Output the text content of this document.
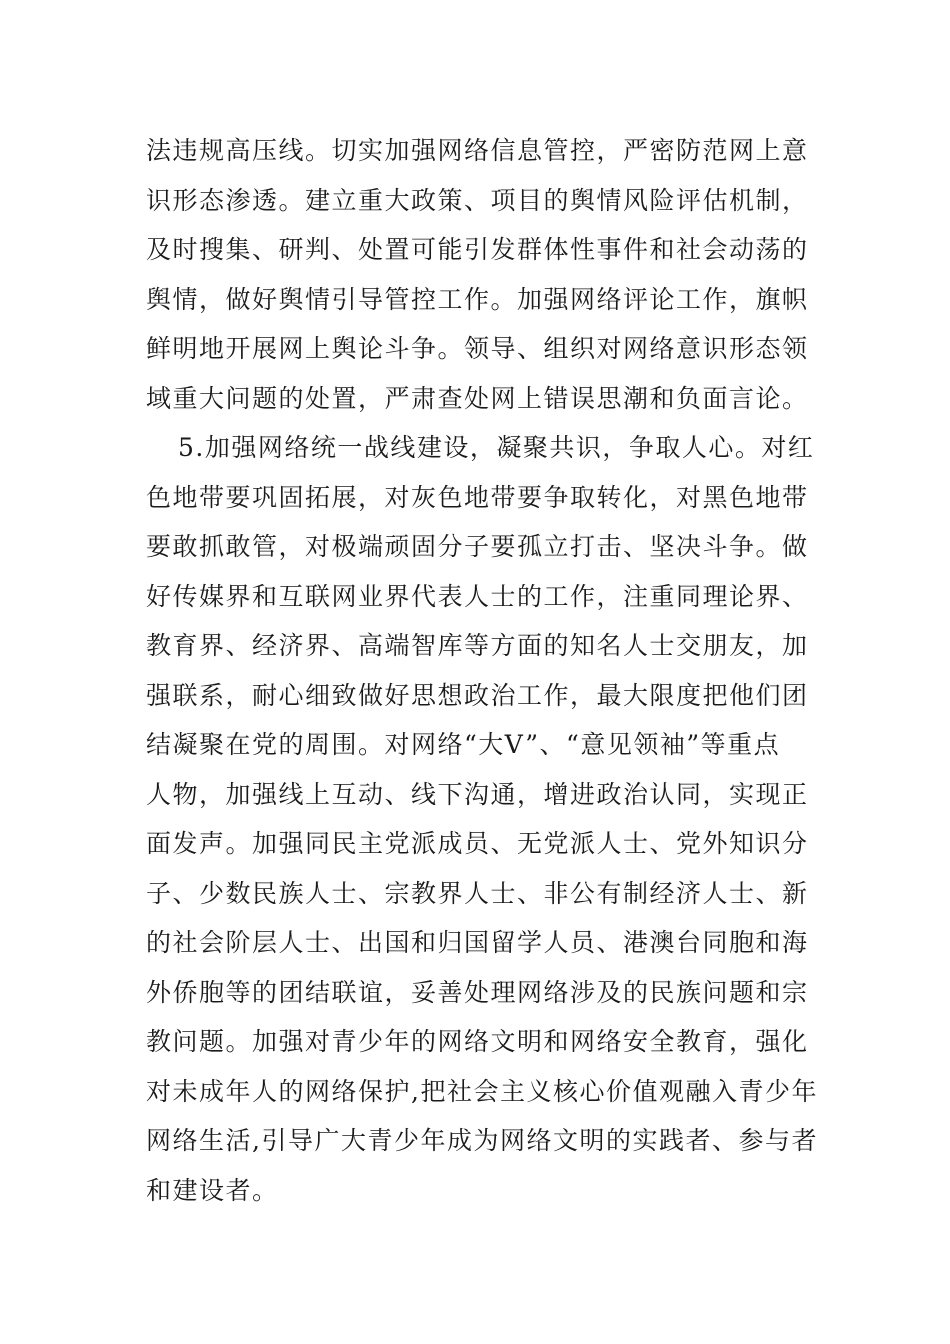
法违规高压线。切实加强网络信息管控，严密防范网上意
识形态渗透。建立重大政策、项目的舆情风险评估机制，
及时搜集、研判、处置可能引发群体性事件和社会动荡的
舆情，做好舆情引导管控工作。加强网络评论工作，旗帜
鲜明地开展网上舆论斗争。领导、组织对网络意识形态领
域重大问题的处置，严肃查处网上错误思潮和负面言论。
5.加强网络统一战线建设，凝聚共识，争取人心。对红
色地带要巩固拓展，对灰色地带要争取转化，对黑色地带
要敢抓敢管，对极端顽固分子要孤立打击、坚决斗争。做
好传媒界和互联网业界代表人士的工作，注重同理论界、
教育界、经济界、高端智库等方面的知名人士交朋友，加
强联系，耐心细致做好思想政治工作，最大限度把他们团
结凝聚在党的周围。对网络“大V”、“意见领袖”等重点
人物，加强线上互动、线下沟通，增进政治认同，实现正
面发声。加强同民主党派成员、无党派人士、党外知识分
子、少数民族人士、宗教界人士、非公有制经济人士、新
的社会阶层人士、出国和归国留学人员、港澳台同胞和海
外侨胞等的团结联谊，妥善处理网络涉及的民族问题和宗
教问题。加强对青少年的网络文明和网络安全教育，强化
对未成年人的网络保护,把社会主义核心价值观融入青少年
网络生活,引导广大青少年成为网络文明的实践者、参与者
和建设者。
